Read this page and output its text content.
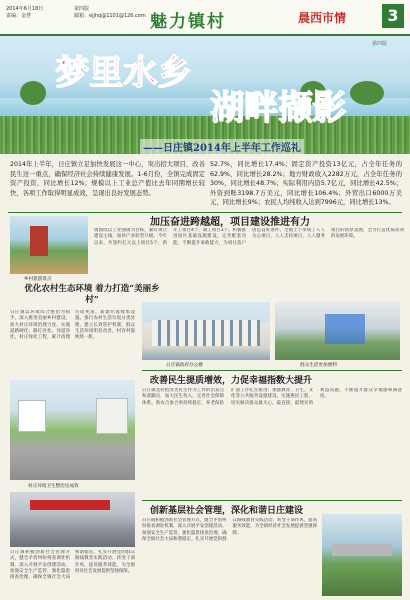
2014年6月18日
责编：金慧
第四版
邮箱：ejjhq@1101@126.com 魅力镇村	晨西市情	3
第四版
梦里水乡
湖畔撷影
——日庄镇2014年上半年工作巡礼
2014年上半年，日庄镇立足加快发展这一中心，突出招大项目、改善民生这一重点，确保经济社会持续健康发展。1-6月份，全镇完成固定资产投资，同比增长12%；规模以上工业总产值比去年同期增长较快，各项工作取得明显成效，呈现出良好发展态势。
52.7%，同比增长17.4%；固定资产投资13亿元，占全年任务的62.9%，同比增长28.2%；地方财政收入2282万元，占全年任务的30%，同比增长48.7%；实际利用内资5.7亿元，同比增长42.5%；外资到账3198.7万美元，同比增长106.4%；外贸出口6000万美元，同比增长9%；农民人均纯收入达到7996元，同比增长13%。
乡村旅游景点
加压奋进跨越超，项目建设推进有力
镇围绕以工业强镇为目标，紧盯项目建设主线，加快产业转型升级。今年以来，共签约亿元以上项目5个，新开工项目4个，竣工项目3个。积极推进园区基础设施建设，完善配套功能，不断提升承载能力，为项目落户创造良好条件。全镇上下形成了人人关心项目、人人支持项目、人人服务项目的浓厚氛围，全力打造优质高效的发展环境。
优化农村生态环境 着力打造“美丽乡村”
日庄镇以环境综合整治为抓手，深入推进美丽乡村建设。加大村庄环境治理力度，实施道路硬化、路灯亮化、河道净化、村庄绿化工程，累计清理垃圾死角，新建垃圾收集设施。推行农村生活垃圾分类处理，建立长效管护机制，群众生活环境明显改善，村容村貌焕然一新。
村庄环境卫生整治见成效
日庄镇政府办公楼	群众生活更加便利
改善民生提质增效，力促幸福指数大提升
日庄镇坚持把改善民生作为工作的出发点和落脚点，加大民生投入，完善社会保障体系。新农合参合率持续稳定，养老保险扩面工作扎实推进；加强教育、卫生、文化等公共服务设施建设，实施惠民工程，切实解决群众最关心、最直接、最现实的利益问题，不断提升群众幸福感和满意度。
创新基层社会管理，深化和谐日庄建设
日庄镇积极创新社会管理方式，健全矛盾纠纷排查调处机制，深入开展平安创建活动。加强安全生产监管，强化隐患排查治理，确保全镇社会大局和谐稳定。扎实开展党的群众路线教育实践活动，转变干部作风，提高服务效能，为全镇经济社会发展提供坚强保障。
日庄镇积极创新社会管理方式，健全矛盾纠纷排查调处机制，深入开展平安创建活动。加强安全生产监管，强化隐患排查治理，确保全镇社会大局和谐稳定。扎实开展党的群众路线教育实践活动，转变干部作风，提高服务效能，为全镇经济社会发展提供坚强保障。
